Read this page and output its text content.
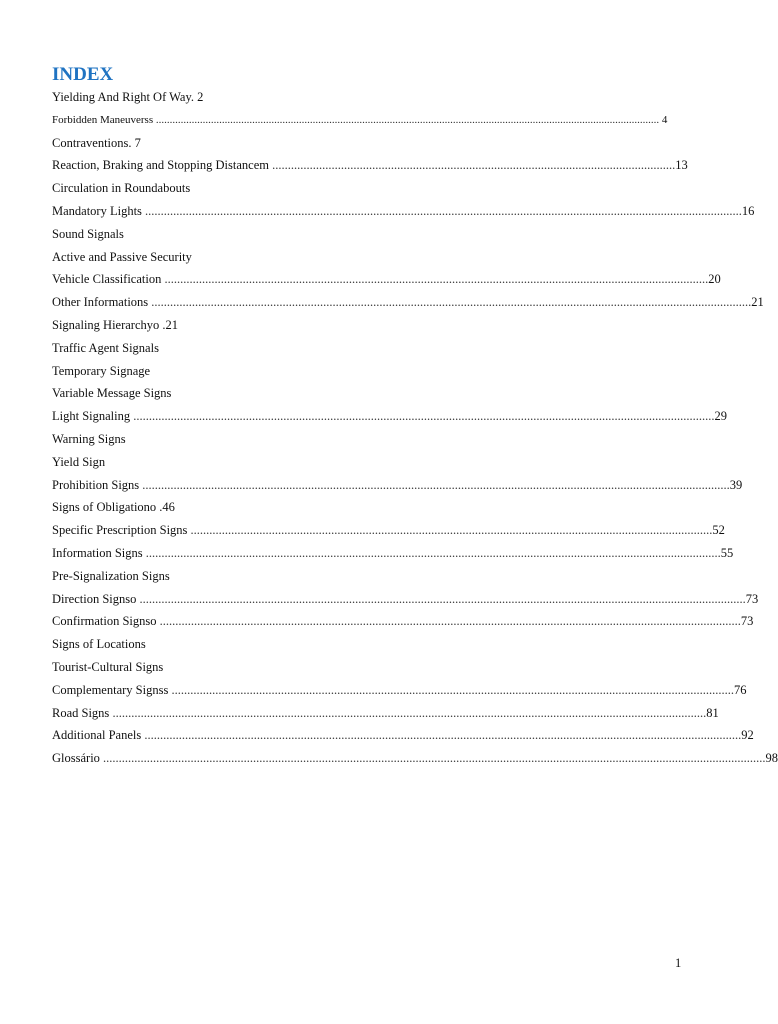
INDEX
Yielding And Right Of Way. 2
Forbidden Maneuverss ....................................................................................................................................................................................... 4
Contraventions. 7
Reaction, Braking and Stopping Distancem .................................................................................................................................13
Circulation in Roundabouts
Mandatory Lights ...............................................................................................................................................................................................16
Sound Signals
Active and Passive Security
Vehicle Classification ..............................................................................................................................................................................20
Other Informations ................................................................................................................................................................................................21
Signaling Hierarchyo .21
Traffic Agent Signals
Temporary Signage
Variable Message Signs
Light Signaling ..........................................................................................................................................................................................29
Warning Signs
Yield Sign
Prohibition Signs ............................................................................................................................................................................................39
Signs of Obligationo .46
Specific Prescription Signs .......................................................................................................................................................................52
Information Signs ........................................................................................................................................................................................55
Pre-Signalization Signs
Direction Signso ..................................................................................................................................................................................................73
Confirmation Signso ..........................................................................................................................................................................................73
Signs of Locations
Tourist-Cultural Signs
Complementary Signss ....................................................................................................................................................................................76
Road Signs ..............................................................................................................................................................................................81
Additional Panels ...............................................................................................................................................................................................92
Glossário ....................................................................................................................................................................................................................98
1
